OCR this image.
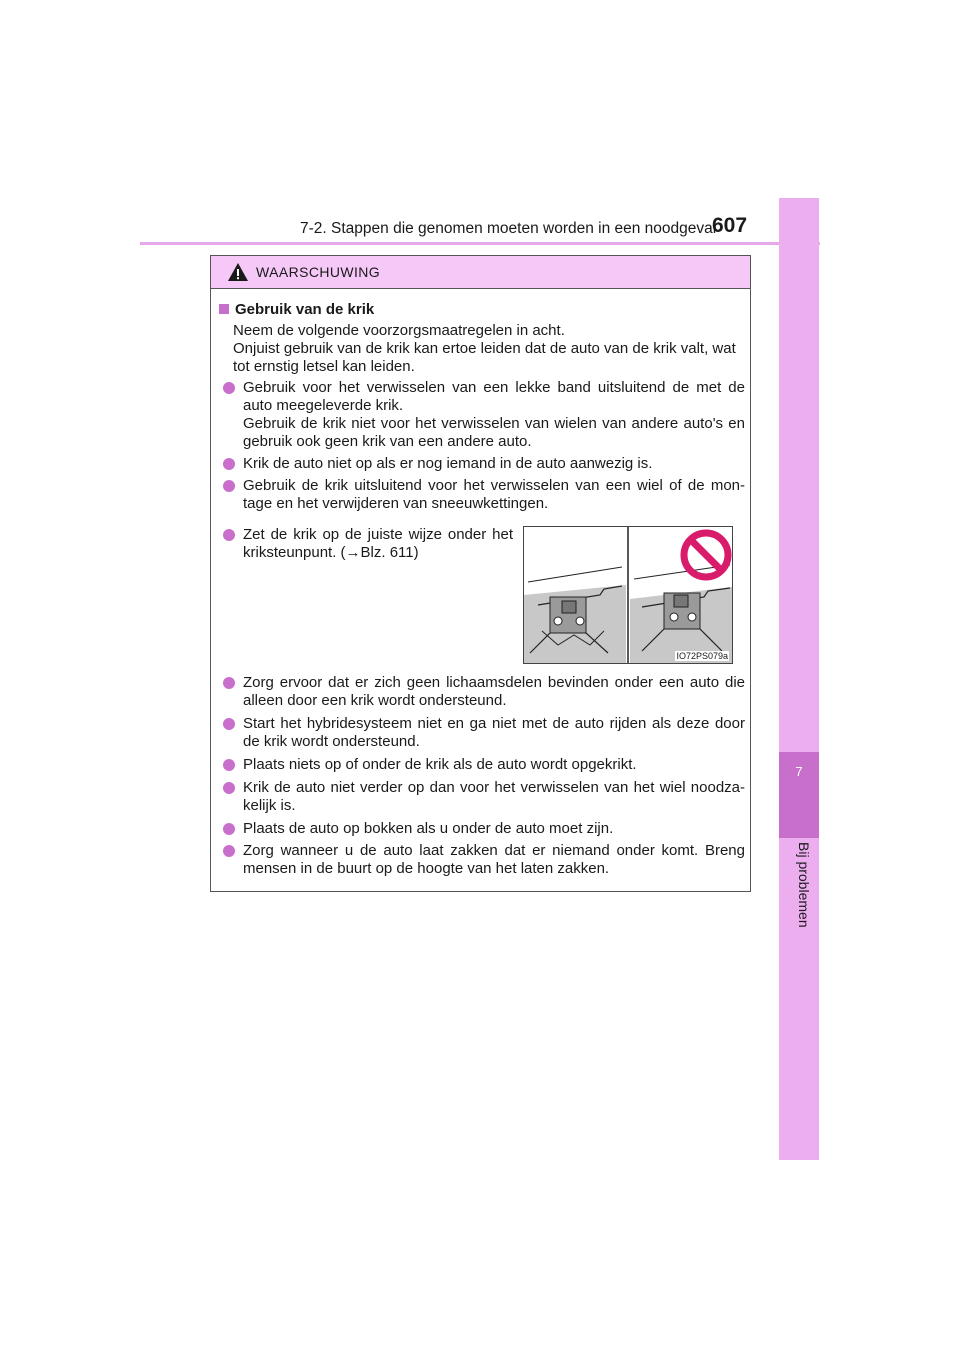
7-2. Stappen die genomen moeten worden in een noodgeval
607
7
Bij problemen
WAARSCHUWING
Gebruik van de krik
Neem de volgende voorzorgsmaatregelen in acht.
Onjuist gebruik van de krik kan ertoe leiden dat de auto van de krik valt, wat tot ernstig letsel kan leiden.
Gebruik voor het verwisselen van een lekke band uitsluitend de met de auto meegeleverde krik.
Gebruik de krik niet voor het verwisselen van wielen van andere auto's en gebruik ook geen krik van een andere auto.
Krik de auto niet op als er nog iemand in de auto aanwezig is.
Gebruik de krik uitsluitend voor het verwisselen van een wiel of de mon-tage en het verwijderen van sneeuwkettingen.
Zet de krik op de juiste wijze onder het kriksteunpunt. (→Blz. 611)
IO72PS079a
Zorg ervoor dat er zich geen lichaamsdelen bevinden onder een auto die alleen door een krik wordt ondersteund.
Start het hybridesysteem niet en ga niet met de auto rijden als deze door de krik wordt ondersteund.
Plaats niets op of onder de krik als de auto wordt opgekrikt.
Krik de auto niet verder op dan voor het verwisselen van het wiel noodza-kelijk is.
Plaats de auto op bokken als u onder de auto moet zijn.
Zorg wanneer u de auto laat zakken dat er niemand onder komt. Breng mensen in de buurt op de hoogte van het laten zakken.
